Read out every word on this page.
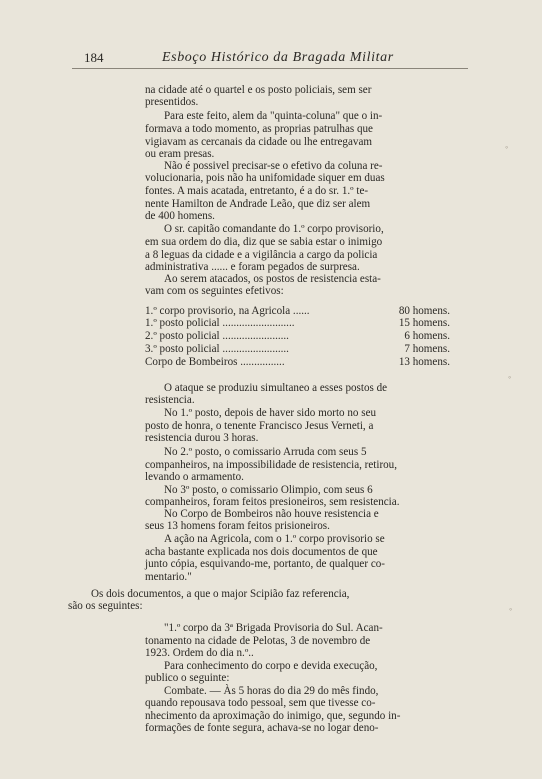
184	Esboço Histórico da Bragada Militar
na cidade até o quartel e os posto policiais, sem ser
presentidos.
Para este feito, alem da "quinta-coluna" que o in-
formava a todo momento, as proprias patrulhas que
vigiavam as cercanais da cidade ou lhe entregavam
ou eram presas.
Não é possivel precisar-se o efetivo da coluna re-
volucionaria, pois não ha unifomidade siquer em duas
fontes. A mais acatada, entretanto, é a do sr. 1.º te-
nente Hamilton de Andrade Leão, que diz ser alem
de 400 homens.
O sr. capitão comandante do 1.º corpo provisorio,
em sua ordem do dia, diz que se sabia estar o inimigo
a 8 leguas da cidade e a vigilância a cargo da policia
administrativa ...... e foram pegados de surpresa.
Ao serem atacados, os postos de resistencia esta-
vam com os seguintes efetivos:
1.º corpo provisorio, na Agricola ......	80 homens.
1.º posto policial ..........................	15 homens.
2.º posto policial ........................	6 homens.
3.º posto policial ........................	7 homens.
Corpo de Bombeiros ................	13 homens.
O ataque se produziu simultaneo a esses postos de
resistencia.
No 1.º posto, depois de haver sido morto no seu
posto de honra, o tenente Francisco Jesus Verneti, a
resistencia durou 3 horas.
No 2.º posto, o comissario Arruda com seus 5
companheiros, na impossibilidade de resistencia, retirou,
levando o armamento.
No 3º posto, o comissario Olimpio, com seus 6
companheiros, foram feitos presioneiros, sem resistencia.
No Corpo de Bombeiros não houve resistencia e
seus 13 homens foram feitos prisioneiros.
A ação na Agricola, com o 1.º corpo provisorio se
acha bastante explicada nos dois documentos de que
junto cópia, esquivando-me, portanto, de qualquer co-
mentario."
Os dois documentos, a que o major Scipião faz referencia,
são os seguintes:
"1.º corpo da 3ª Brigada Provisoria do Sul. Acan-
tonamento na cidade de Pelotas, 3 de novembro de
1923. Ordem do dia n.º..
Para conhecimento do corpo e devida execução,
publico o seguinte:
Combate. — Às 5 horas do dia 29 do mês findo,
quando repousava todo pessoal, sem que tivesse co-
nhecimento da aproximação do inimigo, que, segundo in-
formações de fonte segura, achava-se no logar deno-
◦
◦
◦
